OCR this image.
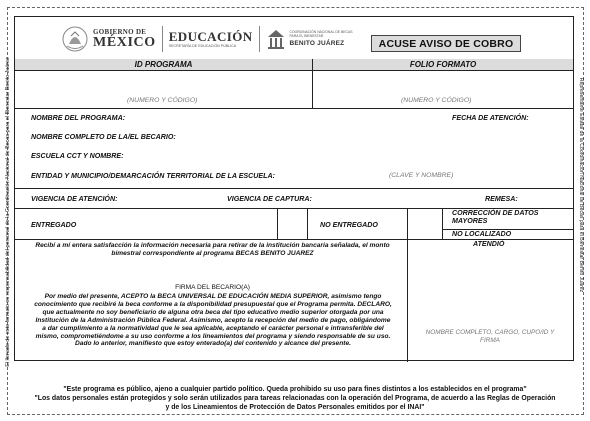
El llenado de este formato es responsabilidad del personal de la Coordinación Nacional de Becas para el Bienestar Benito Juárez	Representante Estatal de la Coordinación Nacional de Becas para el Bienestar Benito Juárez
GOBIERNO DE
MÉXICO EDUCACIÓN
SECRETARÍA DE EDUCACIÓN PÚBLICA
COORDINACIÓN NACIONAL DE BECAS PARA EL BIENESTAR
BENITO JUÁREZ	ACUSE AVISO DE COBRO
ID PROGRAMA	FOLIO FORMATO
(NUMERO Y CÓDIGO)	(NUMERO Y CÓDIGO)
NOMBRE DEL PROGRAMA:	FECHA DE ATENCIÓN:
NOMBRE COMPLETO DE LA/EL BECARIO:
ESCUELA CCT Y NOMBRE:
ENTIDAD Y MUNICIPIO/DEMARCACIÓN TERRITORIAL DE LA ESCUELA:	(CLAVE Y NOMBRE)
VIGENCIA DE ATENCIÓN:	VIGENCIA DE CAPTURA:	REMESA:
ENTREGADO	NO ENTREGADO
CORRECCIÓN DE DATOS MAYORES
NO LOCALIZADO
Recibí a mí entera satisfacción la información necesaria para retirar de la institución bancaria señalada, el monto bimestral correspondiente al programa BECAS BENITO JUAREZ
ATENDIÓ
FIRMA DEL BECARIO(A)
Por medio del presente, ACEPTO la BECA UNIVERSAL DE EDUCACIÓN MEDIA SUPERIOR, asimismo tengo conocimiento que recibiré la beca conforme a la disponibilidad presupuestal que el Programa permita. DECLARO, que actualmente no soy beneficiario de alguna otra beca del tipo educativo medio superior otorgada por una Institución de la Administración Pública Federal. Asimismo, acepto la recepción del medio de pago, obligándome a dar cumplimiento a la normatividad que le sea aplicable, aceptando el carácter personal e intransferible del mismo, comprometiéndome a su uso conforme a los lineamientos del programa y siendo responsable de su uso. Dado lo anterior, manifiesto que estoy enterado(a) del contenido y alcance del presente.
NOMBRE COMPLETO, CARGO, CUPO/ID Y FIRMA
"Este programa es público, ajeno a cualquier partido político. Queda prohibido su uso para fines distintos a los establecidos en el programa"
"Los datos personales están protegidos y solo serán utilizados para tareas relacionadas con la operación del Programa, de acuerdo a las Reglas de Operación y de los Lineamientos de Protección de Datos Personales emitidos por el INAI"
